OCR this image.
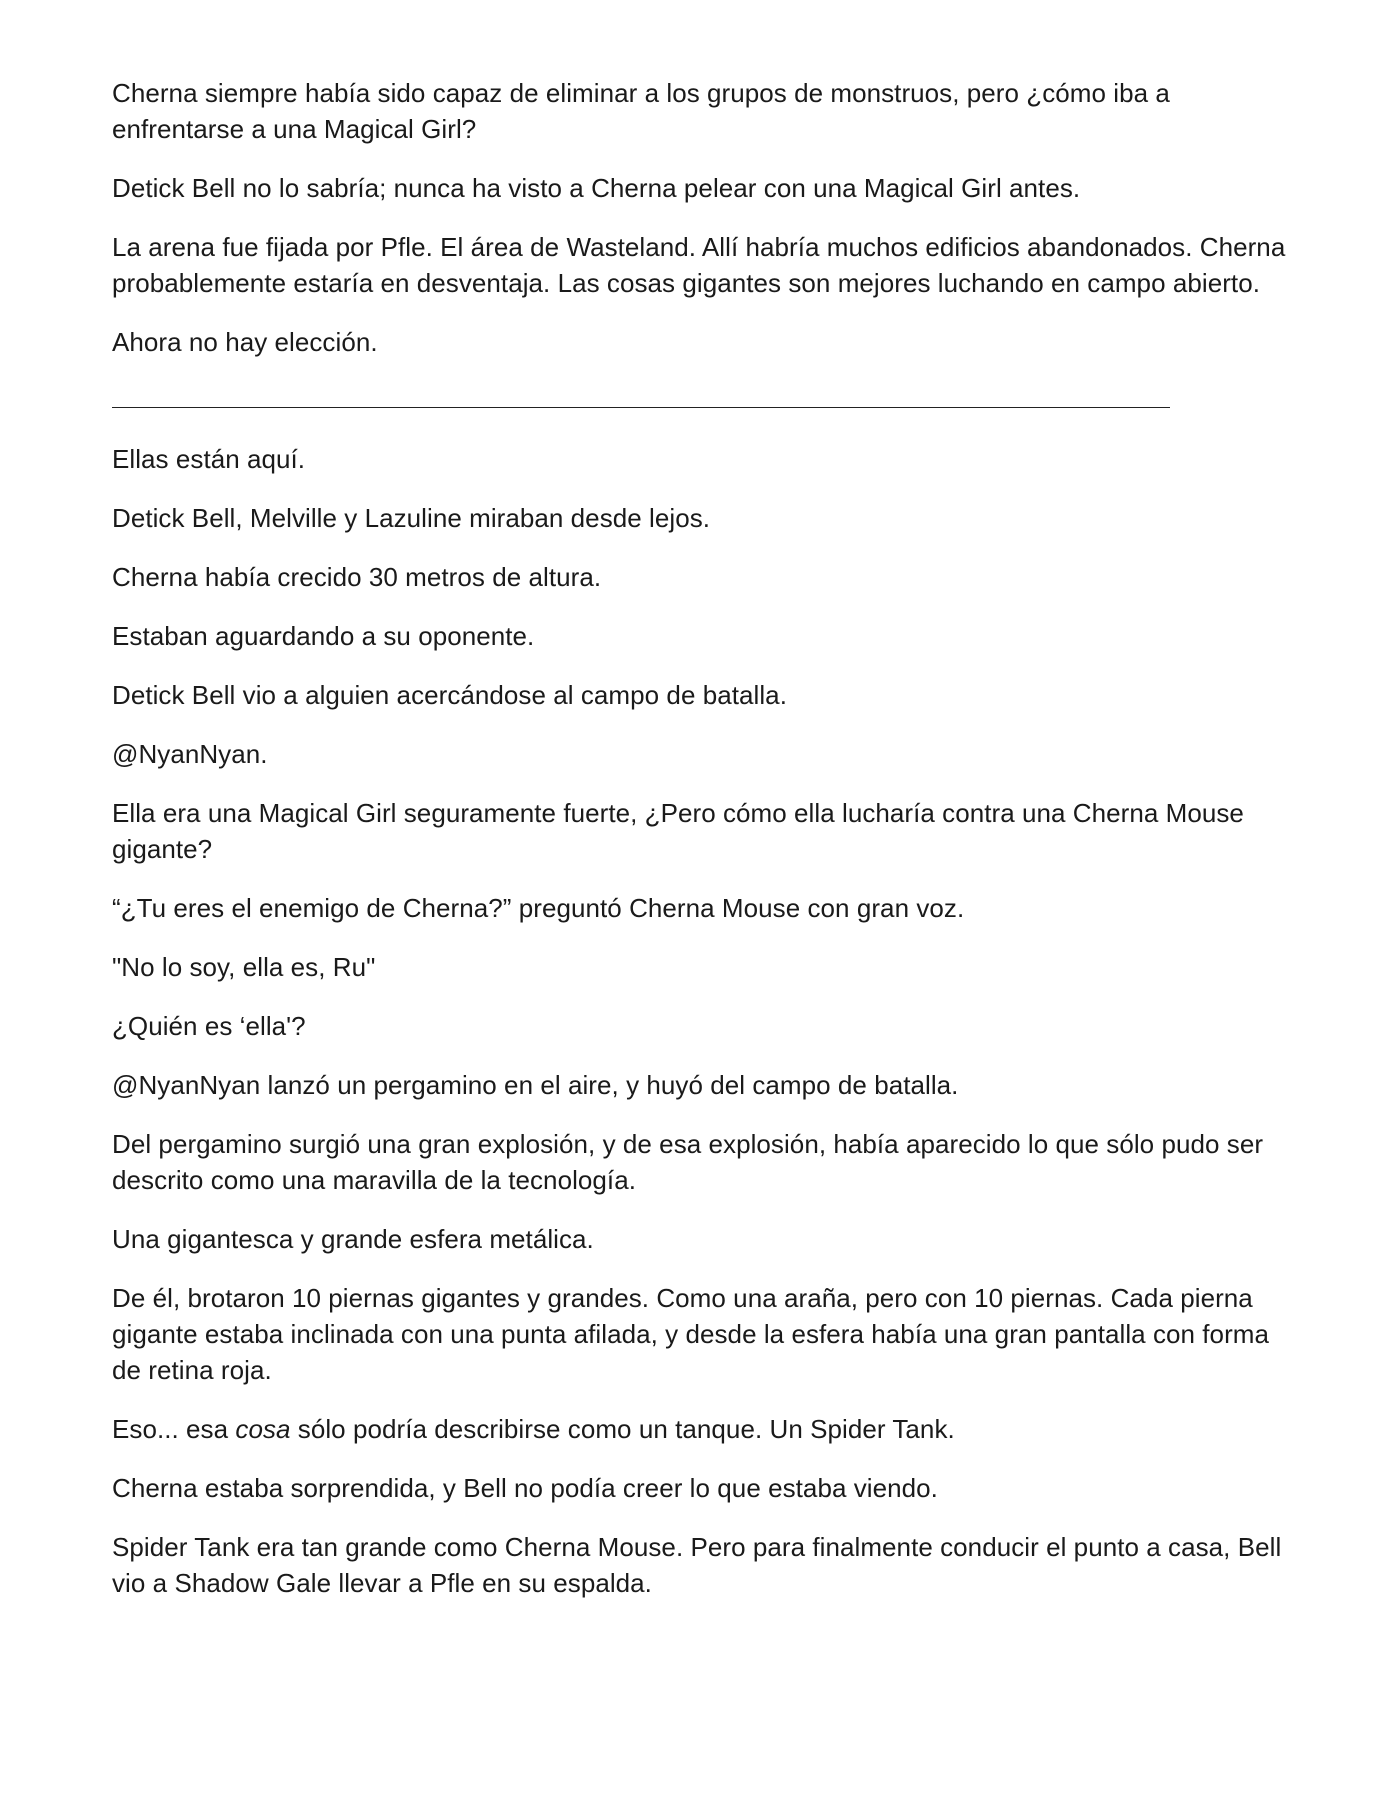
Cherna siempre había sido capaz de eliminar a los grupos de monstruos, pero ¿cómo iba a enfrentarse a una Magical Girl?

Detick Bell no lo sabría; nunca ha visto a Cherna pelear con una Magical Girl antes.

La arena fue fijada por Pfle. El área de Wasteland. Allí habría muchos edificios abandonados. Cherna probablemente estaría en desventaja. Las cosas gigantes son mejores luchando en campo abierto.

Ahora no hay elección.

Ellas están aquí.

Detick Bell, Melville y Lazuline miraban desde lejos.

Cherna había crecido 30 metros de altura.

Estaban aguardando a su oponente.

Detick Bell vio a alguien acercándose al campo de batalla.

@NyanNyan.

Ella era una Magical Girl seguramente fuerte, ¿Pero cómo ella lucharía contra una Cherna Mouse gigante?

“¿Tu eres el enemigo de Cherna?” preguntó Cherna Mouse con gran voz.

"No lo soy, ella es, Ru"

¿Quién es ‘ella'?

@NyanNyan lanzó un pergamino en el aire, y huyó del campo de batalla.

Del pergamino surgió una gran explosión, y de esa explosión, había aparecido lo que sólo pudo ser descrito como una maravilla de la tecnología.

Una gigantesca y grande esfera metálica.

De él, brotaron 10 piernas gigantes y grandes. Como una araña, pero con 10 piernas. Cada pierna gigante estaba inclinada con una punta afilada, y desde la esfera había una gran pantalla con forma de retina roja.

Eso... esa cosa sólo podría describirse como un tanque. Un Spider Tank.

Cherna estaba sorprendida, y Bell no podía creer lo que estaba viendo.

Spider Tank era tan grande como Cherna Mouse. Pero para finalmente conducir el punto a casa, Bell vio a Shadow Gale llevar a Pfle en su espalda.
